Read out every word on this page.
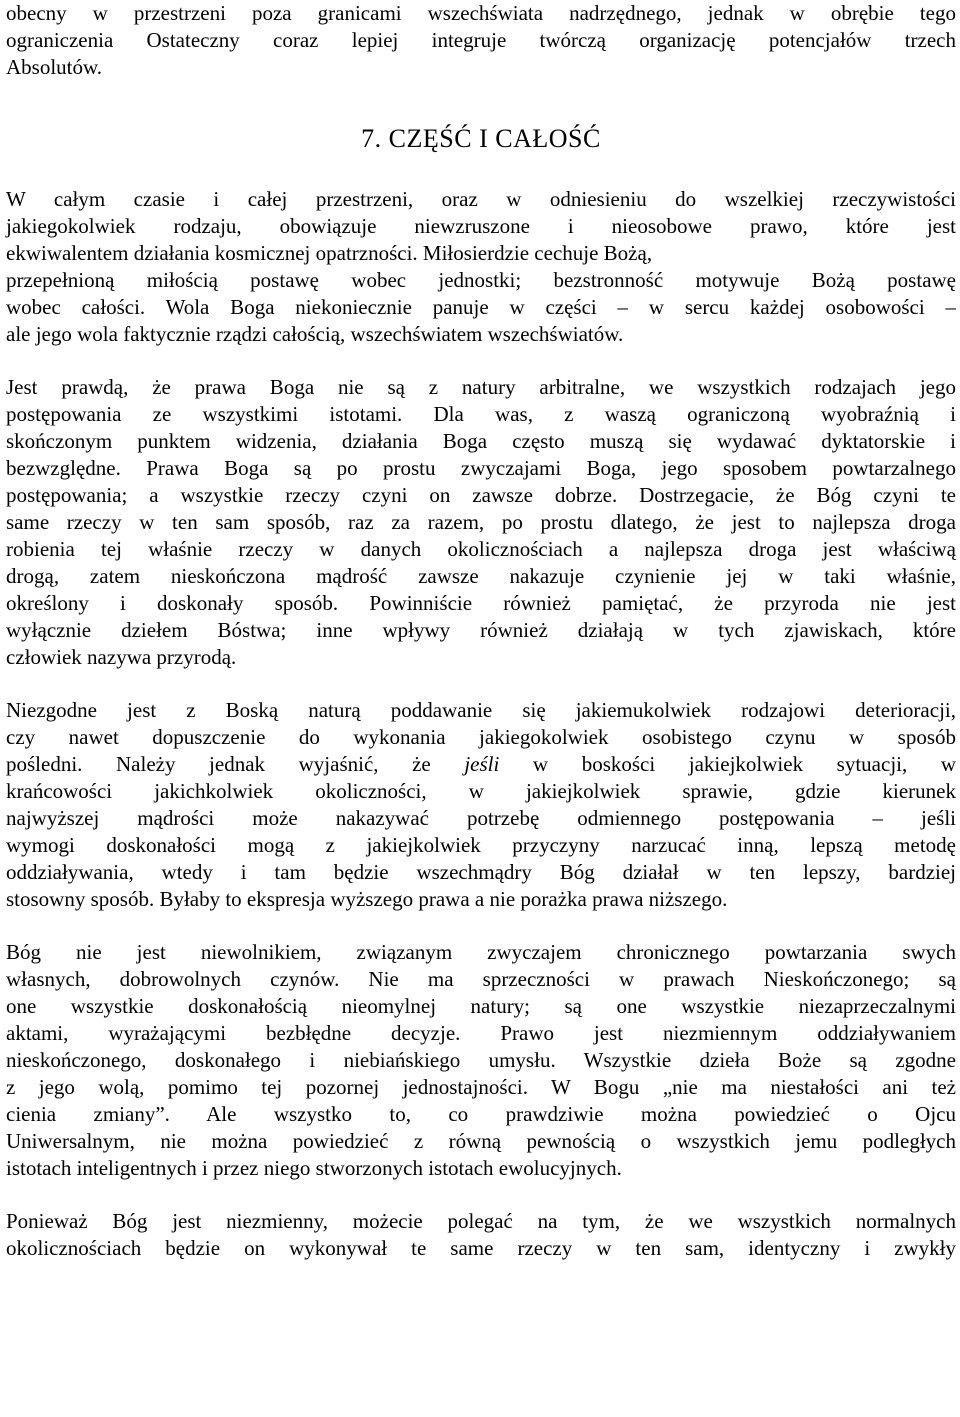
obecny w przestrzeni poza granicami wszechświata nadrzędnego, jednak w obrębie tego
ograniczenia Ostateczny coraz lepiej integruje twórczą organizację potencjałów trzech
Absolutów.
7. CZĘŚĆ I CAŁOŚĆ

W całym czasie i całej przestrzeni, oraz w odniesieniu do wszelkiej rzeczywistości
jakiegokolwiek rodzaju, obowiązuje niewzruszone i nieosobowe prawo, które jest
ekwiwalentem działania kosmicznej opatrzności. Miłosierdzie cechuje Bożą,
przepełnioną miłością postawę wobec jednostki; bezstronność motywuje Bożą postawę
wobec całości. Wola Boga niekoniecznie panuje w części – w sercu każdej osobowości –
ale jego wola faktycznie rządzi całością, wszechświatem wszechświatów.

Jest prawdą, że prawa Boga nie są z natury arbitralne, we wszystkich rodzajach jego
postępowania ze wszystkimi istotami. Dla was, z waszą ograniczoną wyobraźnią i
skończonym punktem widzenia, działania Boga często muszą się wydawać dyktatorskie i
bezwzględne. Prawa Boga są po prostu zwyczajami Boga, jego sposobem powtarzalnego
postępowania; a wszystkie rzeczy czyni on zawsze dobrze. Dostrzegacie, że Bóg czyni te
same rzeczy w ten sam sposób, raz za razem, po prostu dlatego, że jest to najlepsza droga
robienia tej właśnie rzeczy w danych okolicznościach a najlepsza droga jest właściwą
drogą, zatem nieskończona mądrość zawsze nakazuje czynienie jej w taki właśnie,
określony i doskonały sposób. Powinniście również pamiętać, że przyroda nie jest
wyłącznie dziełem Bóstwa; inne wpływy również działają w tych zjawiskach, które
człowiek nazywa przyrodą.

Niezgodne jest z Boską naturą poddawanie się jakiemukolwiek rodzajowi deterioracji,
czy nawet dopuszczenie do wykonania jakiegokolwiek osobistego czynu w sposób
pośledni. Należy jednak wyjaśnić, że jeśli w boskości jakiejkolwiek sytuacji, w
krańcowości jakichkolwiek okoliczności, w jakiejkolwiek sprawie, gdzie kierunek
najwyższej mądrości może nakazywać potrzebę odmiennego postępowania – jeśli
wymogi doskonałości mogą z jakiejkolwiek przyczyny narzucać inną, lepszą metodę
oddziaływania, wtedy i tam będzie wszechmądry Bóg działał w ten lepszy, bardziej
stosowny sposób. Byłaby to ekspresja wyższego prawa a nie porażka prawa niższego.

Bóg nie jest niewolnikiem, związanym zwyczajem chronicznego powtarzania swych
własnych, dobrowolnych czynów. Nie ma sprzeczności w prawach Nieskończonego; są
one wszystkie doskonałością nieomylnej natury; są one wszystkie niezaprzeczalnymi
aktami, wyrażającymi bezbłędne decyzje. Prawo jest niezmiennym oddziaływaniem
nieskończonego, doskonałego i niebiańskiego umysłu. Wszystkie dzieła Boże są zgodne
z jego wolą, pomimo tej pozornej jednostajności. W Bogu „nie ma niestałości ani też
cienia zmiany”. Ale wszystko to, co prawdziwie można powiedzieć o Ojcu
Uniwersalnym, nie można powiedzieć z równą pewnością o wszystkich jemu podległych
istotach inteligentnych i przez niego stworzonych istotach ewolucyjnych.

Ponieważ Bóg jest niezmienny, możecie polegać na tym, że we wszystkich normalnych
okolicznościach będzie on wykonywał te same rzeczy w ten sam, identyczny i zwykły
